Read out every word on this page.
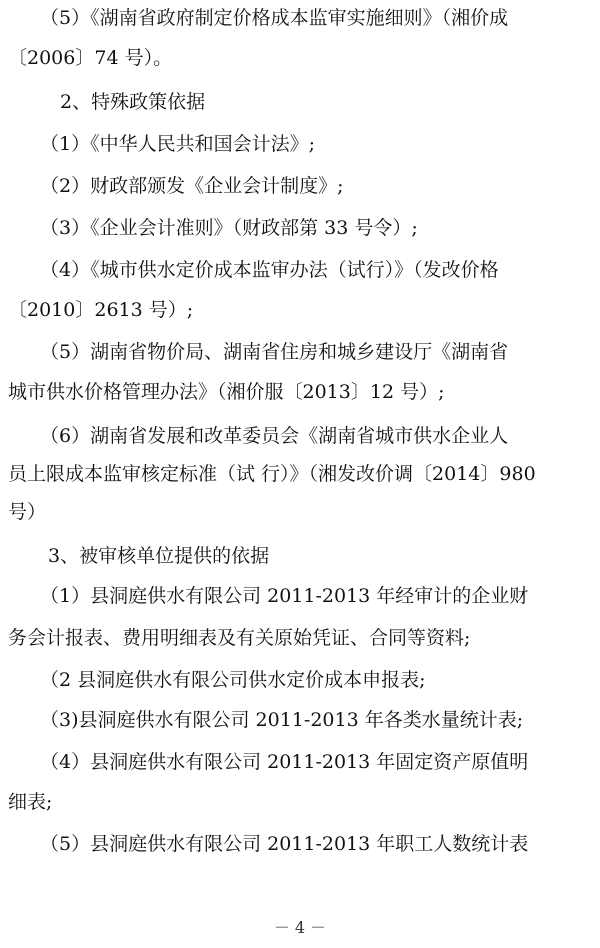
（5）《湖南省政府制定价格成本监审实施细则》（湘价成
〔2006〕74 号）。
2、特殊政策依据
（1）《中华人民共和国会计法》;
（2）财政部颁发《企业会计制度》;
（3）《企业会计准则》（财政部第 33 号令）;
（4）《城市供水定价成本监审办法（试行）》（发改价格
〔2010〕2613 号）;
（5）湖南省物价局、湖南省住房和城乡建设厅《湖南省
城市供水价格管理办法》（湘价服〔2013〕12 号）;
（6）湖南省发展和改革委员会《湖南省城市供水企业人
员上限成本监审核定标准（试 行）》（湘发改价调〔2014〕980
号）
3、被审核单位提供的依据
（1）县洞庭供水有限公司 2011-2013 年经审计的企业财
务会计报表、费用明细表及有关原始凭证、合同等资料;
（2 县洞庭供水有限公司供水定价成本申报表;
（3)县洞庭供水有限公司 2011-2013 年各类水量统计表;
（4）县洞庭供水有限公司 2011-2013 年固定资产原值明
细表;
（5）县洞庭供水有限公司 2011-2013 年职工人数统计表
－ 4 －
